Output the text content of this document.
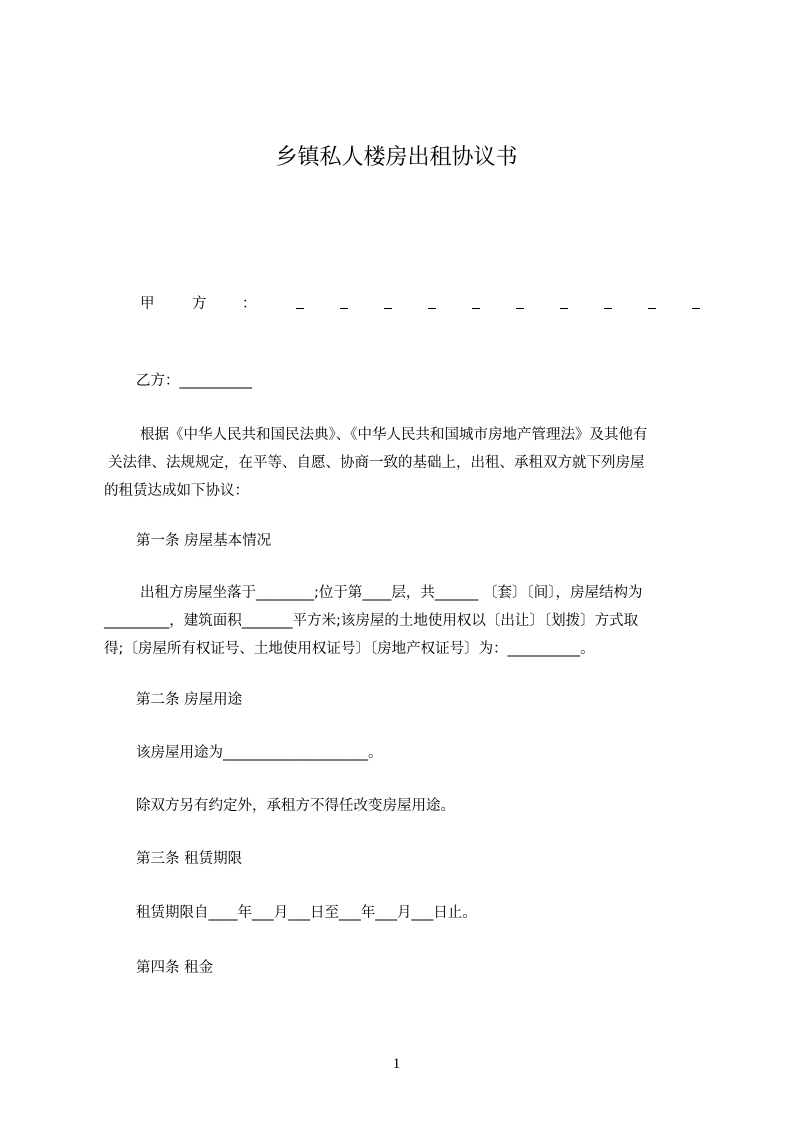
乡镇私人楼房出租协议书
甲	方 ：
乙方：__________
根据《中华人民共和国民法典》、《中华人民共和国城市房地产管理法》及其他有
关法律、法规规定，在平等、自愿、协商一致的基础上，出租、承租双方就下列房屋
的租赁达成如下协议：
第一条 房屋基本情况
出租方房屋坐落于________;位于第____层，共______ 〔套〕〔间〕，房屋结构为
_________，建筑面积_______平方米;该房屋的土地使用权以〔出让〕〔划拨〕方式取
得;〔房屋所有权证号、土地使用权证号〕〔房地产权证号〕为：__________。
第二条 房屋用途
该房屋用途为____________________。
除双方另有约定外，承租方不得任改变房屋用途。
第三条 租赁期限
租赁期限自____年___月___日至___年___月___日止。
第四条 租金
1
